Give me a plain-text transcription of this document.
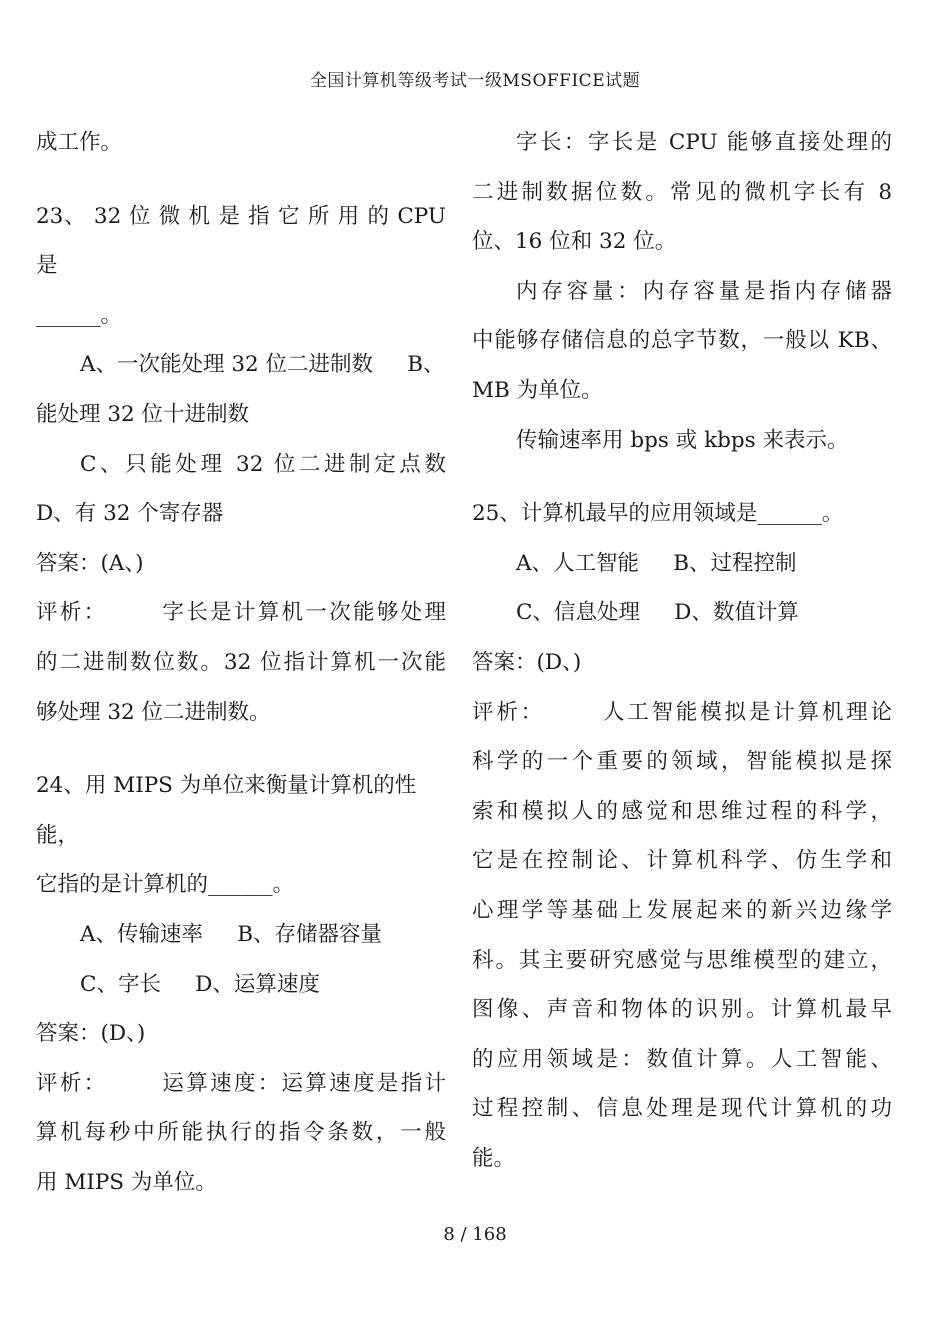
全国计算机等级考试一级MSOFFICE试题

成工作。

23、 32 位 微 机 是 指 它 所 用 的 CPU 是

______。

A、一次能处理 32 位二进制数     B、

能处理 32 位十进制数

C、只能处理 32 位二进制定点数

D、有 32 个寄存器

答案：(A、)

评析：      字长是计算机一次能够处理

的二进制数位数。32 位指计算机一次能

够处理 32 位二进制数。

24、用 MIPS 为单位来衡量计算机的性能，

它指的是计算机的______。

A、传输速率     B、存储器容量

C、字长     D、运算速度

答案：(D、)

评析：      运算速度：运算速度是指计

算机每秒中所能执行的指令条数，一般

用 MIPS 为单位。

字长：字长是 CPU 能够直接处理的

二进制数据位数。常见的微机字长有 8

位、16 位和 32 位。

内存容量：内存容量是指内存储器

中能够存储信息的总字节数，一般以 KB、

MB 为单位。

传输速率用 bps 或 kbps 来表示。

25、计算机最早的应用领域是______。

A、人工智能     B、过程控制

C、信息处理     D、数值计算

答案：(D、)

评析：      人工智能模拟是计算机理论

科学的一个重要的领域，智能模拟是探

索和模拟人的感觉和思维过程的科学，

它是在控制论、计算机科学、仿生学和

心理学等基础上发展起来的新兴边缘学

科。其主要研究感觉与思维模型的建立，

图像、声音和物体的识别。计算机最早

的应用领域是：数值计算。人工智能、

过程控制、信息处理是现代计算机的功

能。

8 / 168
